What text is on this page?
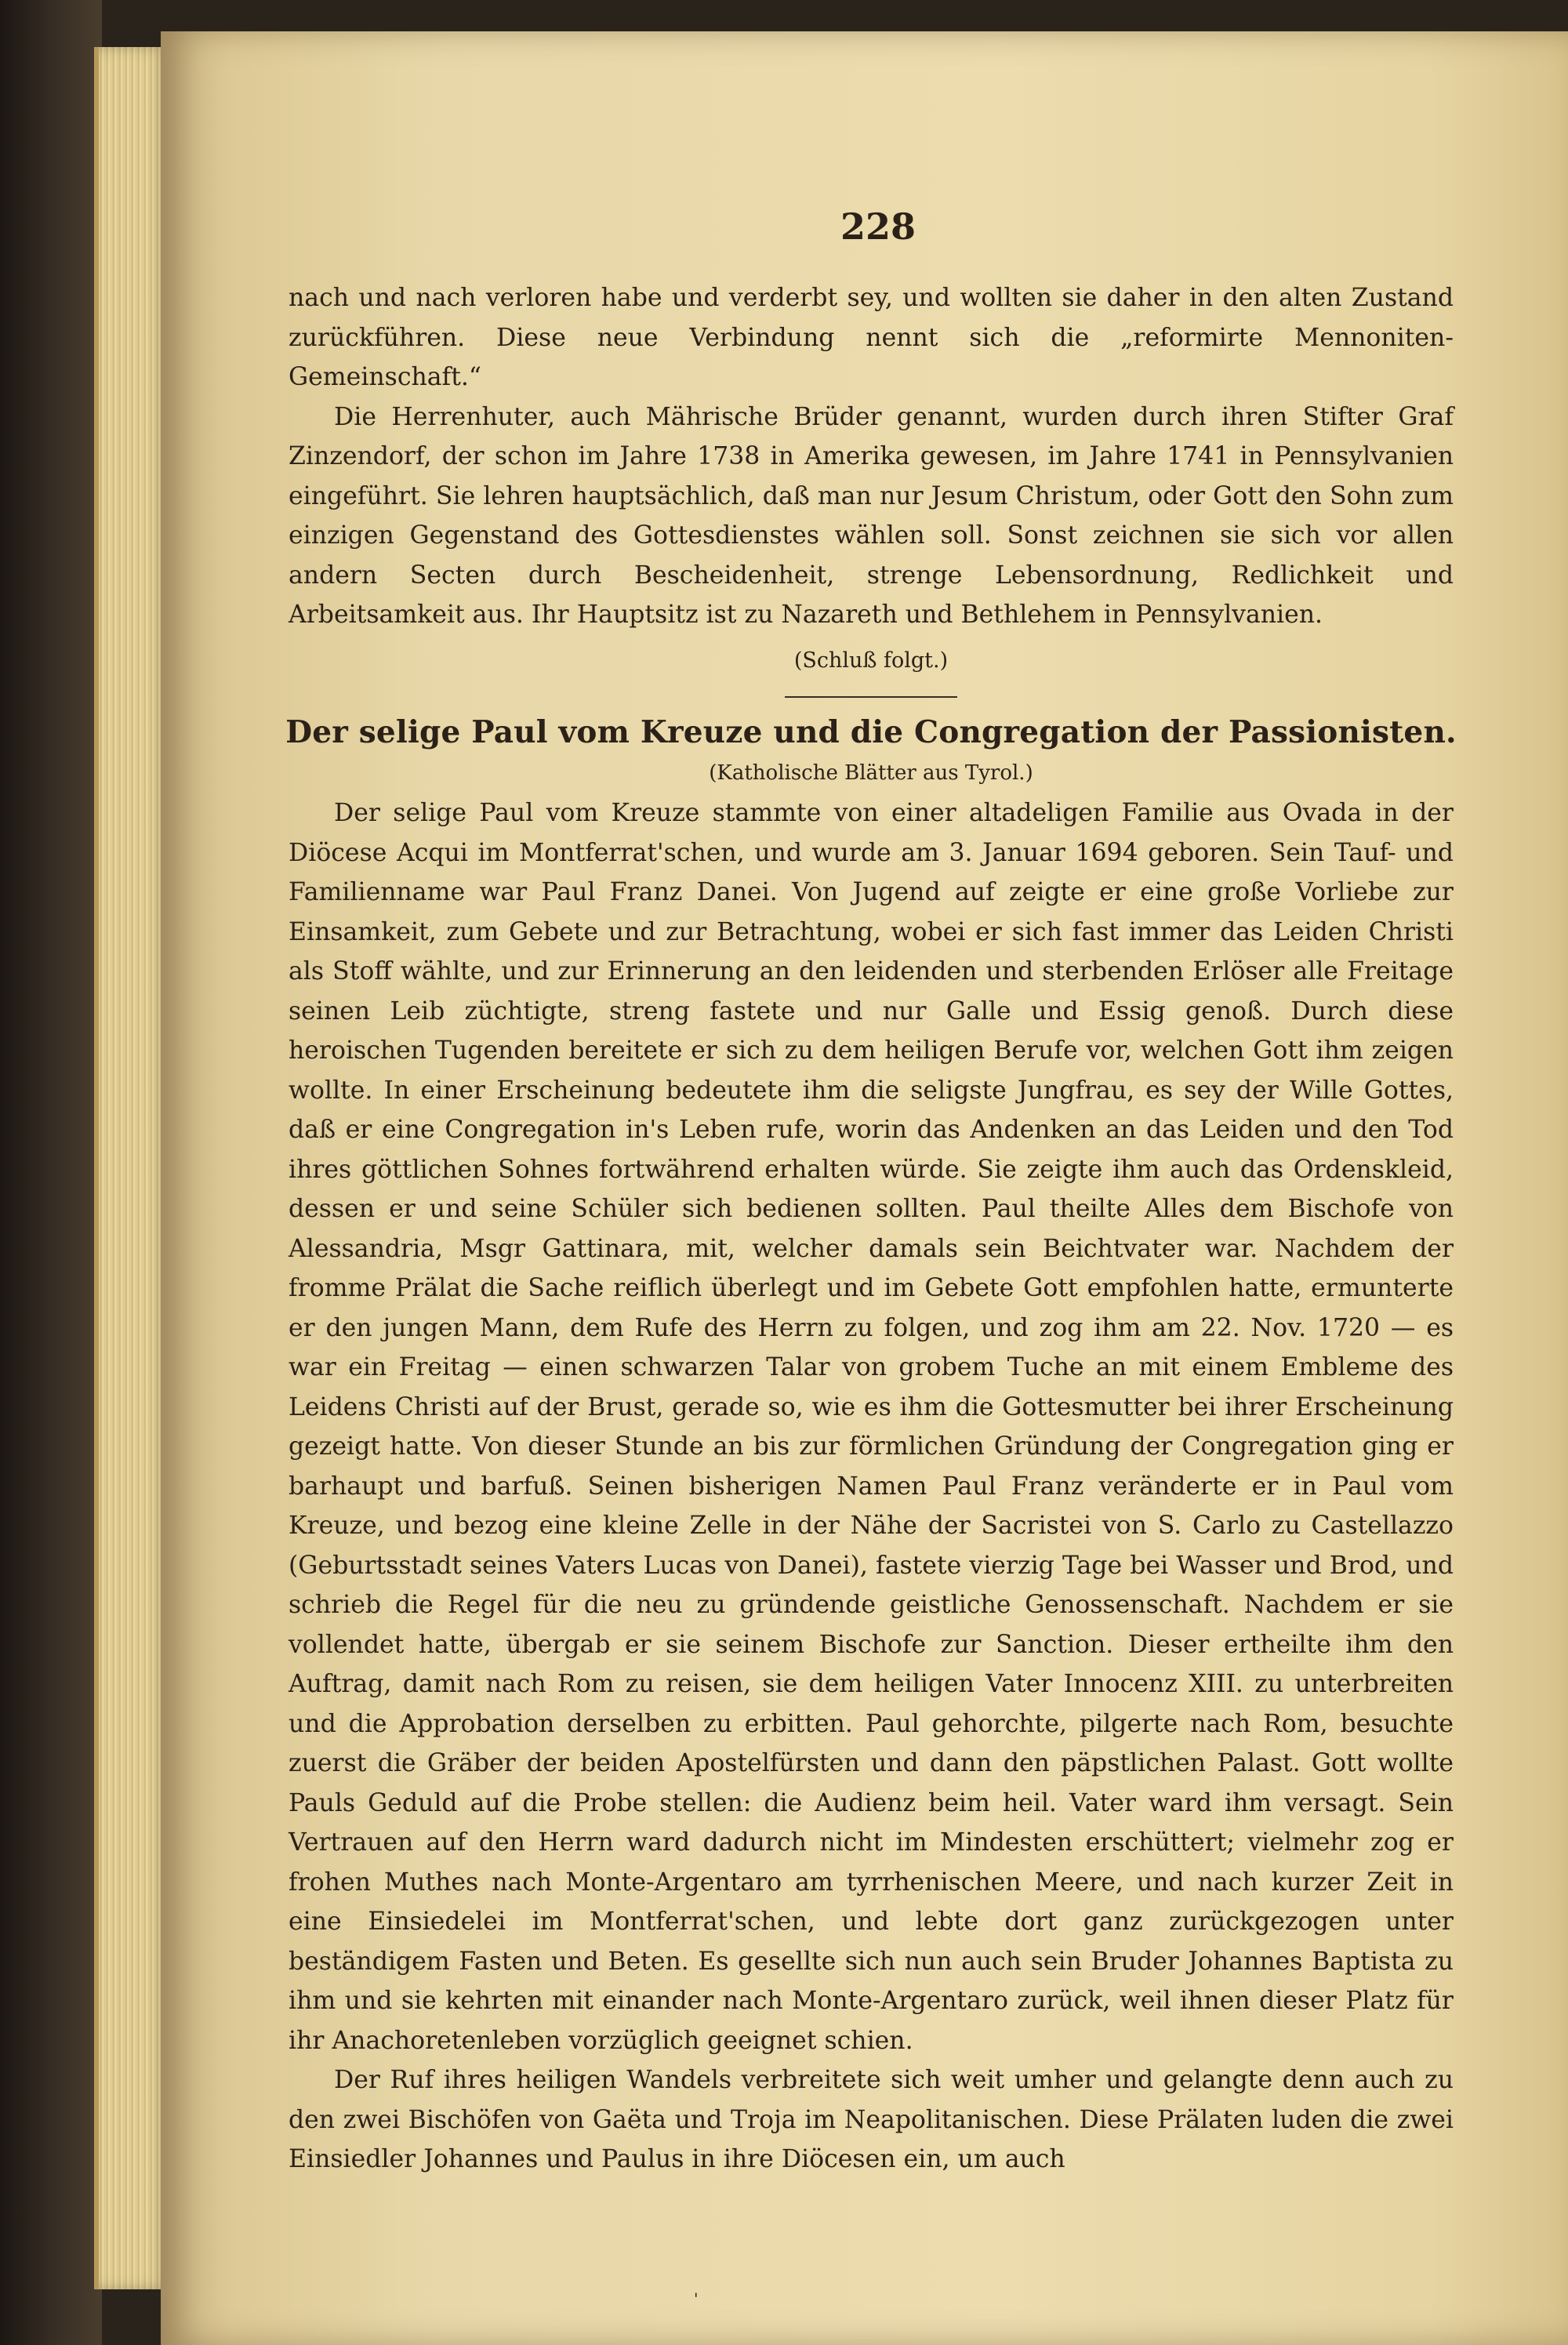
228

nach und nach verloren habe und verderbt sey, und wollten sie daher in den alten Zustand zurückführen. Diese neue Verbindung nennt sich die „reformirte Mennoniten-Gemeinschaft.“

Die Herrenhuter, auch Mährische Brüder genannt, wurden durch ihren Stifter Graf Zinzendorf, der schon im Jahre 1738 in Amerika gewesen, im Jahre 1741 in Pennsylvanien eingeführt. Sie lehren hauptsächlich, daß man nur Jesum Christum, oder Gott den Sohn zum einzigen Gegenstand des Gottesdienstes wählen soll. Sonst zeichnen sie sich vor allen andern Secten durch Bescheidenheit, strenge Lebensordnung, Redlichkeit und Arbeitsamkeit aus. Ihr Hauptsitz ist zu Nazareth und Bethlehem in Pennsylvanien.

(Schluß folgt.)
Der selige Paul vom Kreuze und die Congregation der Passionisten.
(Katholische Blätter aus Tyrol.)

Der selige Paul vom Kreuze stammte von einer altadeligen Familie aus Ovada in der Diöcese Acqui im Montferrat'schen, und wurde am 3. Januar 1694 geboren. Sein Tauf- und Familienname war Paul Franz Danei. Von Jugend auf zeigte er eine große Vorliebe zur Einsamkeit, zum Gebete und zur Betrachtung, wobei er sich fast immer das Leiden Christi als Stoff wählte, und zur Erinnerung an den leidenden und sterbenden Erlöser alle Freitage seinen Leib züchtigte, streng fastete und nur Galle und Essig genoß. Durch diese heroischen Tugenden bereitete er sich zu dem heiligen Berufe vor, welchen Gott ihm zeigen wollte. In einer Erscheinung bedeutete ihm die seligste Jungfrau, es sey der Wille Gottes, daß er eine Congregation in's Leben rufe, worin das Andenken an das Leiden und den Tod ihres göttlichen Sohnes fortwährend erhalten würde. Sie zeigte ihm auch das Ordenskleid, dessen er und seine Schüler sich bedienen sollten. Paul theilte Alles dem Bischofe von Alessandria, Msgr Gattinara, mit, welcher damals sein Beichtvater war. Nachdem der fromme Prälat die Sache reiflich überlegt und im Gebete Gott empfohlen hatte, ermunterte er den jungen Mann, dem Rufe des Herrn zu folgen, und zog ihm am 22. Nov. 1720 — es war ein Freitag — einen schwarzen Talar von grobem Tuche an mit einem Embleme des Leidens Christi auf der Brust, gerade so, wie es ihm die Gottesmutter bei ihrer Erscheinung gezeigt hatte. Von dieser Stunde an bis zur förmlichen Gründung der Congregation ging er barhaupt und barfuß. Seinen bisherigen Namen Paul Franz veränderte er in Paul vom Kreuze, und bezog eine kleine Zelle in der Nähe der Sacristei von S. Carlo zu Castellazzo (Geburtsstadt seines Vaters Lucas von Danei), fastete vierzig Tage bei Wasser und Brod, und schrieb die Regel für die neu zu gründende geistliche Genossenschaft. Nachdem er sie vollendet hatte, übergab er sie seinem Bischofe zur Sanction. Dieser ertheilte ihm den Auftrag, damit nach Rom zu reisen, sie dem heiligen Vater Innocenz XIII. zu unterbreiten und die Approbation derselben zu erbitten. Paul gehorchte, pilgerte nach Rom, besuchte zuerst die Gräber der beiden Apostelfürsten und dann den päpstlichen Palast. Gott wollte Pauls Geduld auf die Probe stellen: die Audienz beim heil. Vater ward ihm versagt. Sein Vertrauen auf den Herrn ward dadurch nicht im Mindesten erschüttert; vielmehr zog er frohen Muthes nach Monte-Argentaro am tyrrhenischen Meere, und nach kurzer Zeit in eine Einsiedelei im Montferrat'schen, und lebte dort ganz zurückgezogen unter beständigem Fasten und Beten. Es gesellte sich nun auch sein Bruder Johannes Baptista zu ihm und sie kehrten mit einander nach Monte-Argentaro zurück, weil ihnen dieser Platz für ihr Anachoretenleben vorzüglich geeignet schien.

Der Ruf ihres heiligen Wandels verbreitete sich weit umher und gelangte denn auch zu den zwei Bischöfen von Gaëta und Troja im Neapolitanischen. Diese Prälaten luden die zwei Einsiedler Johannes und Paulus in ihre Diöcesen ein, um auch

'
